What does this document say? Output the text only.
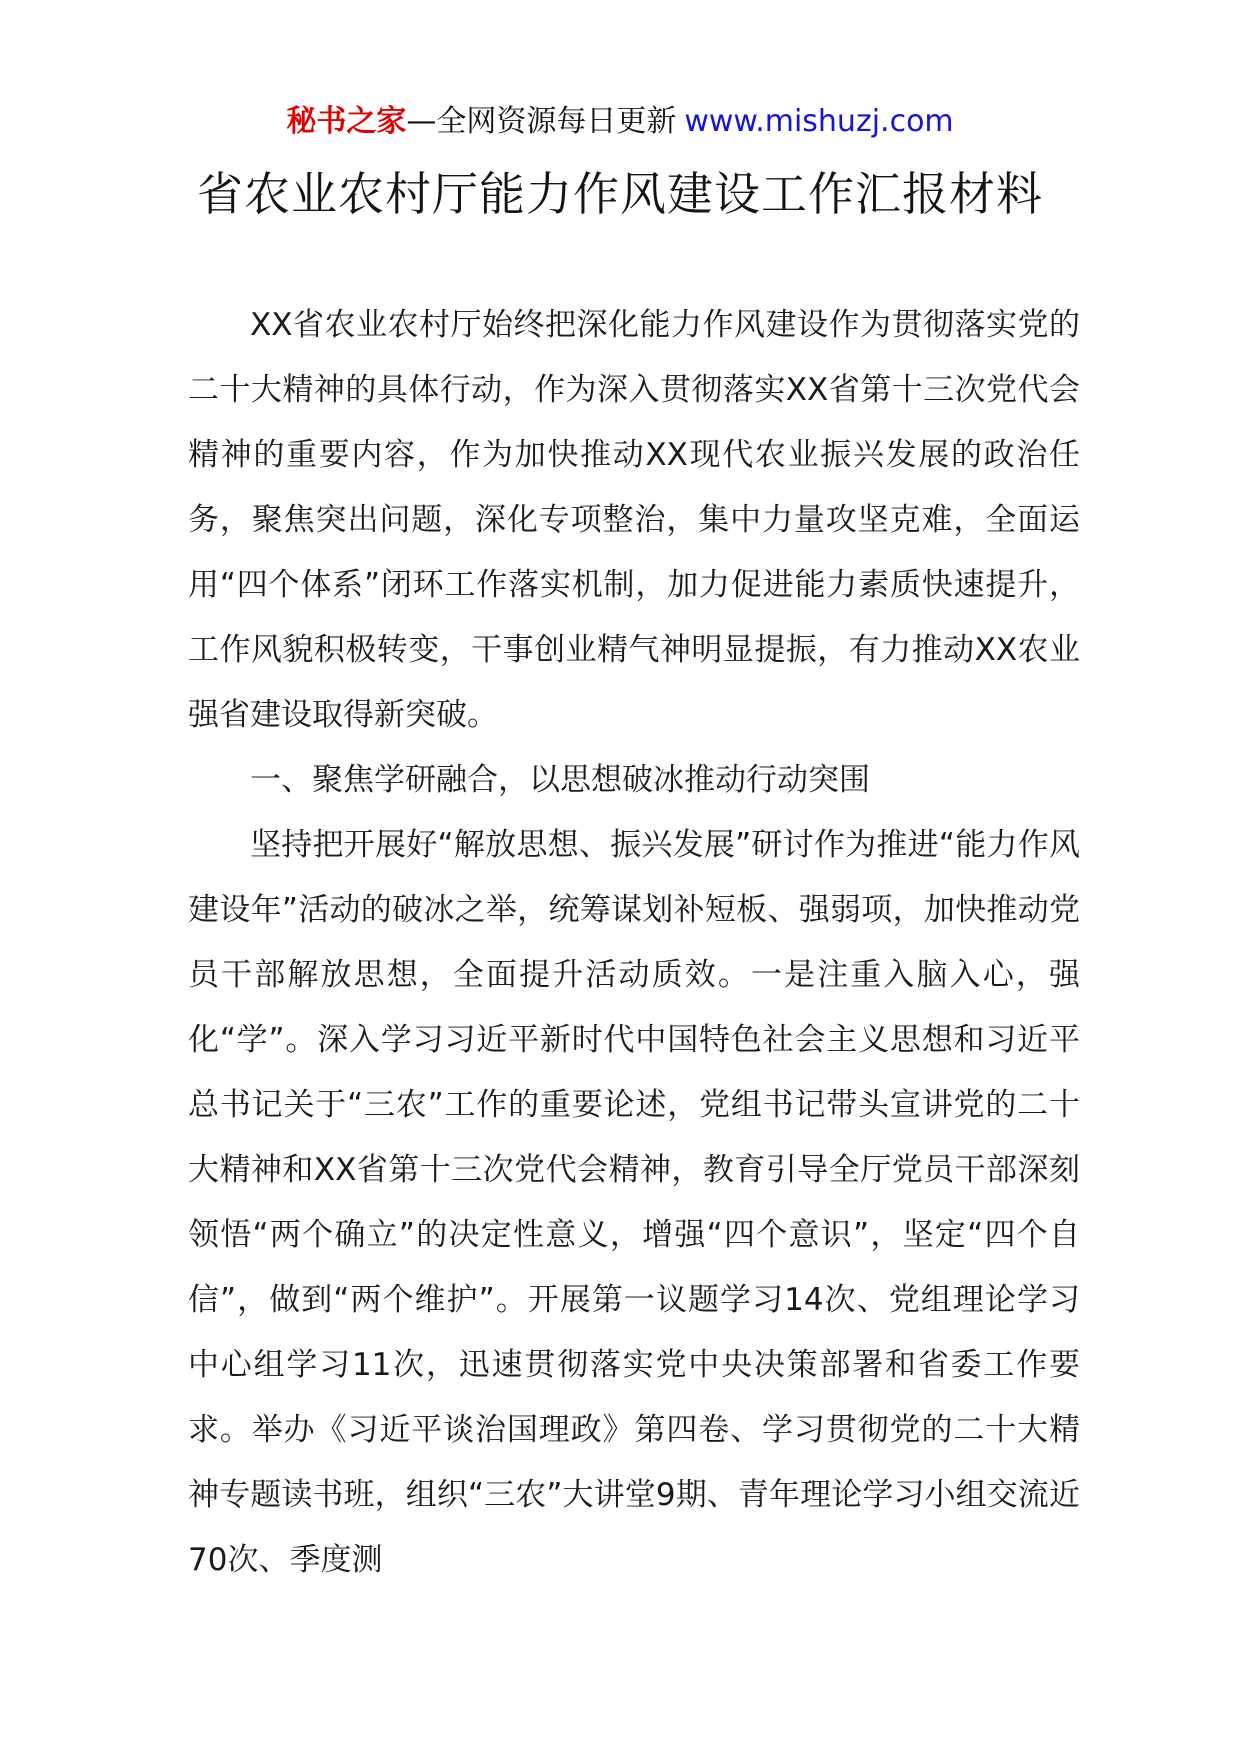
秘书之家—全网资源每日更新 www.mishuzj.com
省农业农村厅能力作风建设工作汇报材料

XX省农业农村厅始终把深化能力作风建设作为贯彻落实党的二十大精神的具体行动，作为深入贯彻落实XX省第十三次党代会精神的重要内容，作为加快推动XX现代农业振兴发展的政治任务，聚焦突出问题，深化专项整治，集中力量攻坚克难，全面运用“四个体系”闭环工作落实机制，加力促进能力素质快速提升，工作风貌积极转变，干事创业精气神明显提振，有力推动XX农业强省建设取得新突破。

一、聚焦学研融合，以思想破冰推动行动突围

坚持把开展好“解放思想、振兴发展”研讨作为推进“能力作风建设年”活动的破冰之举，统筹谋划补短板、强弱项，加快推动党员干部解放思想，全面提升活动质效。一是注重入脑入心，强化“学”。深入学习习近平新时代中国特色社会主义思想和习近平总书记关于“三农”工作的重要论述，党组书记带头宣讲党的二十大精神和XX省第十三次党代会精神，教育引导全厅党员干部深刻领悟“两个确立”的决定性意义，增强“四个意识”，坚定“四个自信”，做到“两个维护”。开展第一议题学习14次、党组理论学习中心组学习11次，迅速贯彻落实党中央决策部署和省委工作要求。举办《习近平谈治国理政》第四卷、学习贯彻党的二十大精神专题读书班，组织“三农”大讲堂9期、青年理论学习小组交流近70次、季度测
